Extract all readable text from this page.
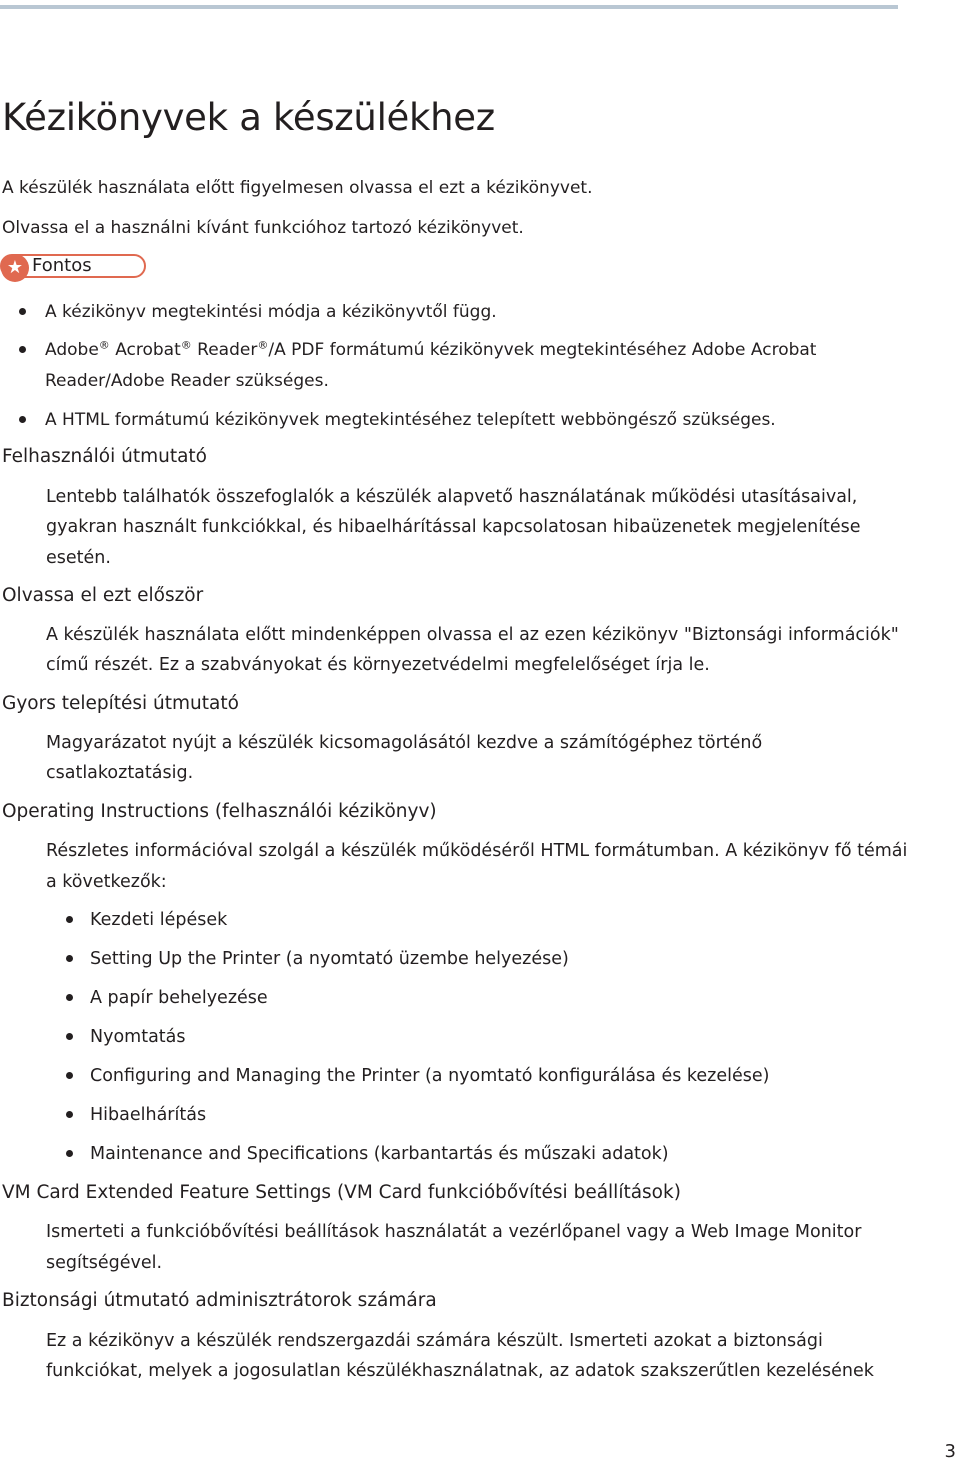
Kézikönyvek a készülékhez
A készülék használata előtt figyelmesen olvassa el ezt a kézikönyvet.
Olvassa el a használni kívánt funkcióhoz tartozó kézikönyvet.
★ Fontos
A kézikönyv megtekintési módja a kézikönyvtől függ.
Adobe® Acrobat® Reader®/A PDF formátumú kézikönyvek megtekintéséhez Adobe Acrobat
Reader/Adobe Reader szükséges.
A HTML formátumú kézikönyvek megtekintéséhez telepített webböngésző szükséges.
Felhasználói útmutató
Lentebb találhatók összefoglalók a készülék alapvető használatának működési utasításaival,
gyakran használt funkciókkal, és hibaelhárítással kapcsolatosan hibaüzenetek megjelenítése
esetén.
Olvassa el ezt először
A készülék használata előtt mindenképpen olvassa el az ezen kézikönyv "Biztonsági információk"
című részét. Ez a szabványokat és környezetvédelmi megfelelőséget írja le.
Gyors telepítési útmutató
Magyarázatot nyújt a készülék kicsomagolásától kezdve a számítógéphez történő
csatlakoztatásig.
Operating Instructions (felhasználói kézikönyv)
Részletes információval szolgál a készülék működéséről HTML formátumban. A kézikönyv fő témái
a következők:
Kezdeti lépések
Setting Up the Printer (a nyomtató üzembe helyezése)
A papír behelyezése
Nyomtatás
Configuring and Managing the Printer (a nyomtató konfigurálása és kezelése)
Hibaelhárítás
Maintenance and Specifications (karbantartás és műszaki adatok)
VM Card Extended Feature Settings (VM Card funkcióbővítési beállítások)
Ismerteti a funkcióbővítési beállítások használatát a vezérlőpanel vagy a Web Image Monitor
segítségével.
Biztonsági útmutató adminisztrátorok számára
Ez a kézikönyv a készülék rendszergazdái számára készült. Ismerteti azokat a biztonsági
funkciókat, melyek a jogosulatlan készülékhasználatnak, az adatok szakszerűtlen kezelésének
3
